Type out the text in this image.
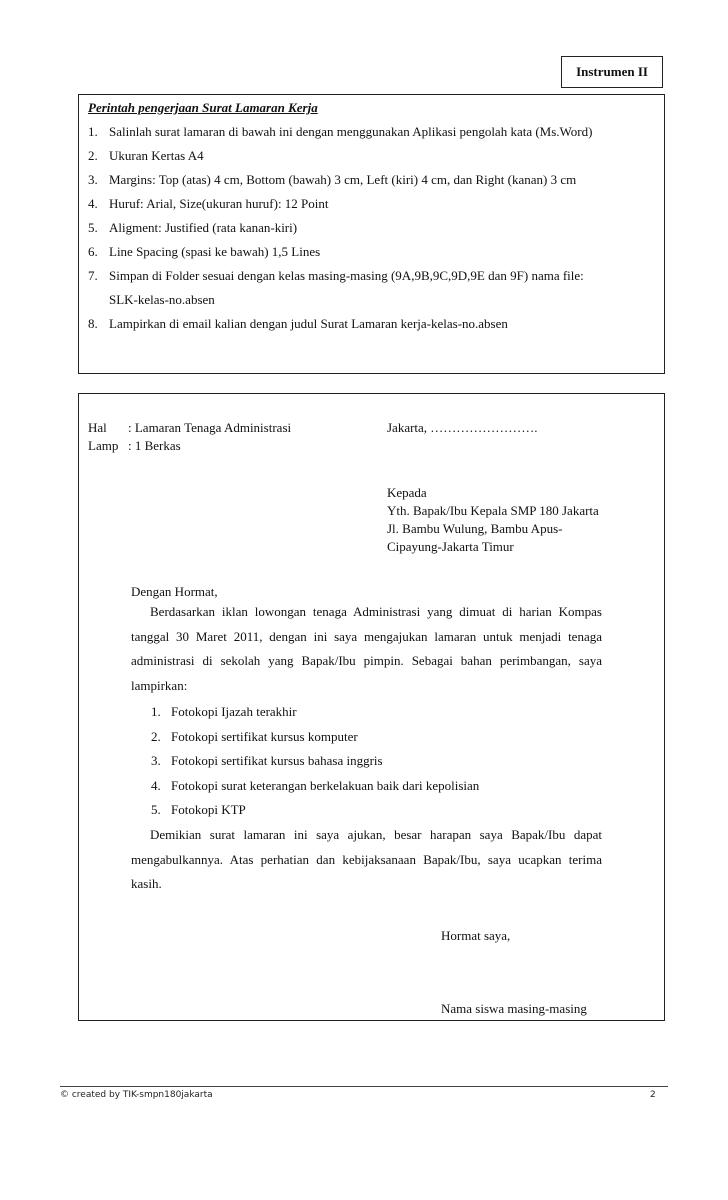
Instrumen II
Perintah pengerjaan Surat Lamaran Kerja
1. Salinlah surat lamaran di bawah ini dengan menggunakan Aplikasi pengolah kata (Ms.Word)
2. Ukuran Kertas A4
3. Margins: Top (atas) 4 cm, Bottom (bawah) 3 cm, Left (kiri) 4 cm, dan Right (kanan) 3 cm
4. Huruf: Arial, Size(ukuran huruf): 12 Point
5. Aligment: Justified (rata kanan-kiri)
6. Line Spacing (spasi ke bawah) 1,5 Lines
7. Simpan di Folder sesuai dengan kelas masing-masing (9A,9B,9C,9D,9E dan 9F) nama file:
SLK-kelas-no.absen
8. Lampirkan di email kalian dengan judul Surat Lamaran kerja-kelas-no.absen
Hal : Lamaran Tenaga Administrasi
Lamp : 1 Berkas
Jakarta, …………………….
Kepada
Yth. Bapak/Ibu Kepala SMP 180 Jakarta
Jl. Bambu Wulung, Bambu Apus-
Cipayung-Jakarta Timur
Dengan Hormat,
Berdasarkan iklan lowongan tenaga Administrasi yang dimuat di harian Kompas tanggal 30 Maret 2011, dengan ini saya mengajukan lamaran untuk menjadi tenaga administrasi di sekolah yang Bapak/Ibu pimpin. Sebagai bahan perimbangan, saya lampirkan:
1. Fotokopi Ijazah terakhir
2. Fotokopi sertifikat kursus komputer
3. Fotokopi sertifikat kursus bahasa inggris
4. Fotokopi surat keterangan berkelakuan baik dari kepolisian
5. Fotokopi KTP
Demikian surat lamaran ini saya ajukan, besar harapan saya Bapak/Ibu dapat mengabulkannya. Atas perhatian dan kebijaksanaan Bapak/Ibu, saya ucapkan terima kasih.
Hormat saya,
Nama siswa masing-masing
© created by TIK-smpn180jakarta	2
